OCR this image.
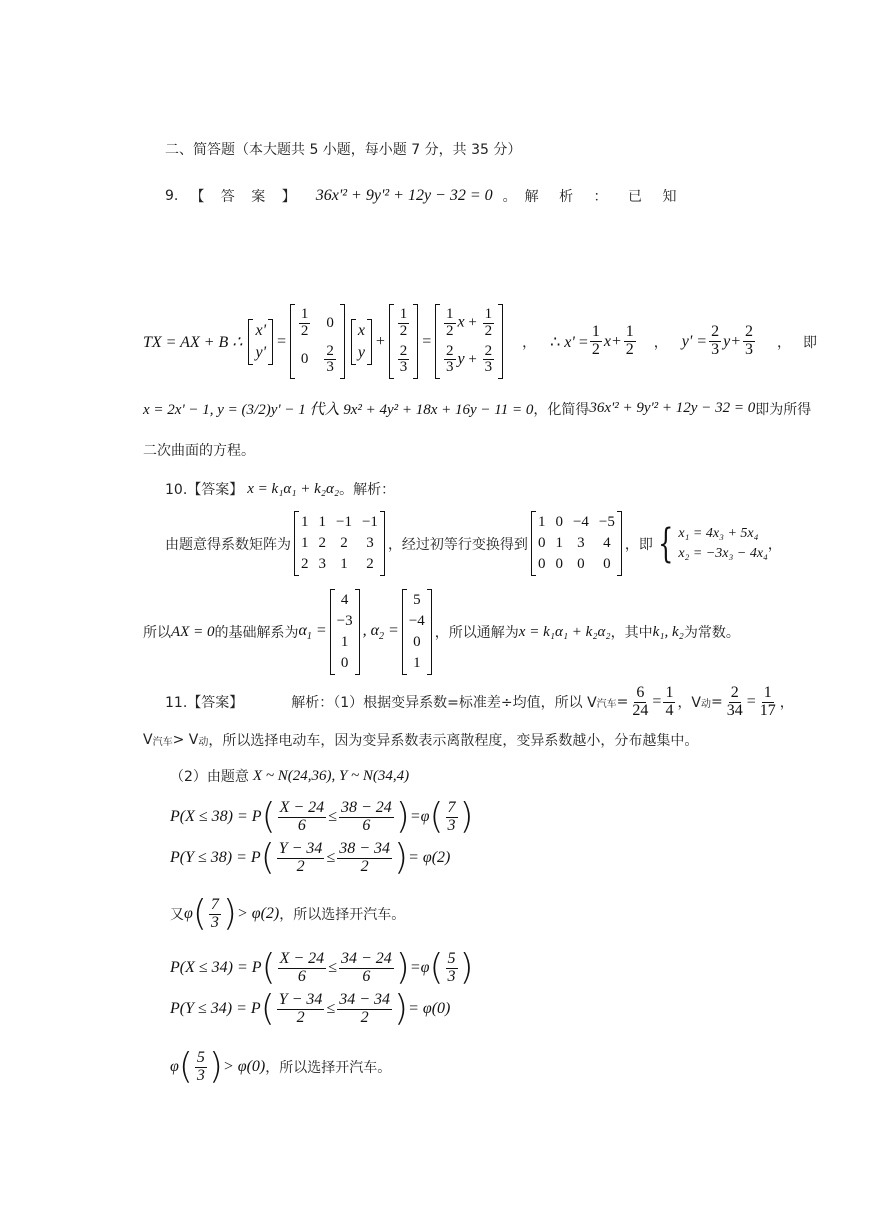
二、简答题（本大题共 5 小题，每小题 7 分，共 35 分）
9. 【 答 案 】 36x'² + 9y'² + 12y − 32 = 0 。解 析 ： 已 知
TX = AX + B ∴
x'
y'
=
$\frac{1}{2} 0$
$0 \frac{2}{3}$
x
y
+
$\frac{1}{2}$
$\frac{2}{3}$
=
$\frac{1}{2}$ $x + \frac{1}{2}$
$\frac{2}{3}$ $y + \frac{2}{3}$
， ∴ $x' = \frac{1}{2}$ $x + \frac{1}{2}$ ， $y' = \frac{2}{3}$ $y + \frac{2}{3}$ ，即
x = 2x' − 1, y = (3/2)y' − 1 代入 9x² + 4y² + 18x + 16y − 11 = 0 ，化简得 36x'² + 9y'² + 12y − 32 = 0 即为所得
二次曲面的方程。
10.【答案】 x = k₁α₁ + k₂α₂ 。解析：
由题意得系数矩阵为
1 1 −1 −1
1 2 2 3
2 3 1 2
，经过初等行变换得到
1 0 −4 −5
0 1 3 4
0 0 0 0
，即 { x₁ = 4x₃ + 5x₄
x₂ = −3x₃ − 4x₄
，
所以 AX = 0 的基础解系为 $\alpha_1$ =
4
−3
1
0
, $\alpha_2$ =
5
−4
0
1
，所以通解为 x = k₁α₁ + k₂α₂ ，其中 k₁, k₂ 为常数。
11.【答案】	解析：（1）根据变异系数=标准差÷均值，所以 V 汽车 = $\frac{6}{24} = \frac{1}{4}$ ，V 动 = $\frac{2}{34} = \frac{1}{17}$ ，
V 汽车 > V 动 ，所以选择电动车，因为变异系数表示离散程度，变异系数越小，分布越集中。
（2）由题意 X ~ N(24,36), Y ~ N(34,4)
P(X ≤ 38) = P ( $\frac{X - 24}{6} \le \frac{38 - 24}{6}$ ) = φ ( $\frac{7}{3}$ )
P(Y ≤ 38) = P ( $\frac{Y - 34}{2} \le \frac{38 - 34}{2}$ ) = φ(2)
又 φ ( $\frac{7}{3}$ ) > φ(2) ，所以选择开汽车。
P(X ≤ 34) = P ( $\frac{X - 24}{6} \le \frac{34 - 24}{6}$ ) = φ ( $\frac{5}{3}$ )
P(Y ≤ 34) = P ( $\frac{Y - 34}{2} \le \frac{34 - 34}{2}$ ) = φ(0)
φ ( $\frac{5}{3}$ ) > φ(0) ，所以选择开汽车。
